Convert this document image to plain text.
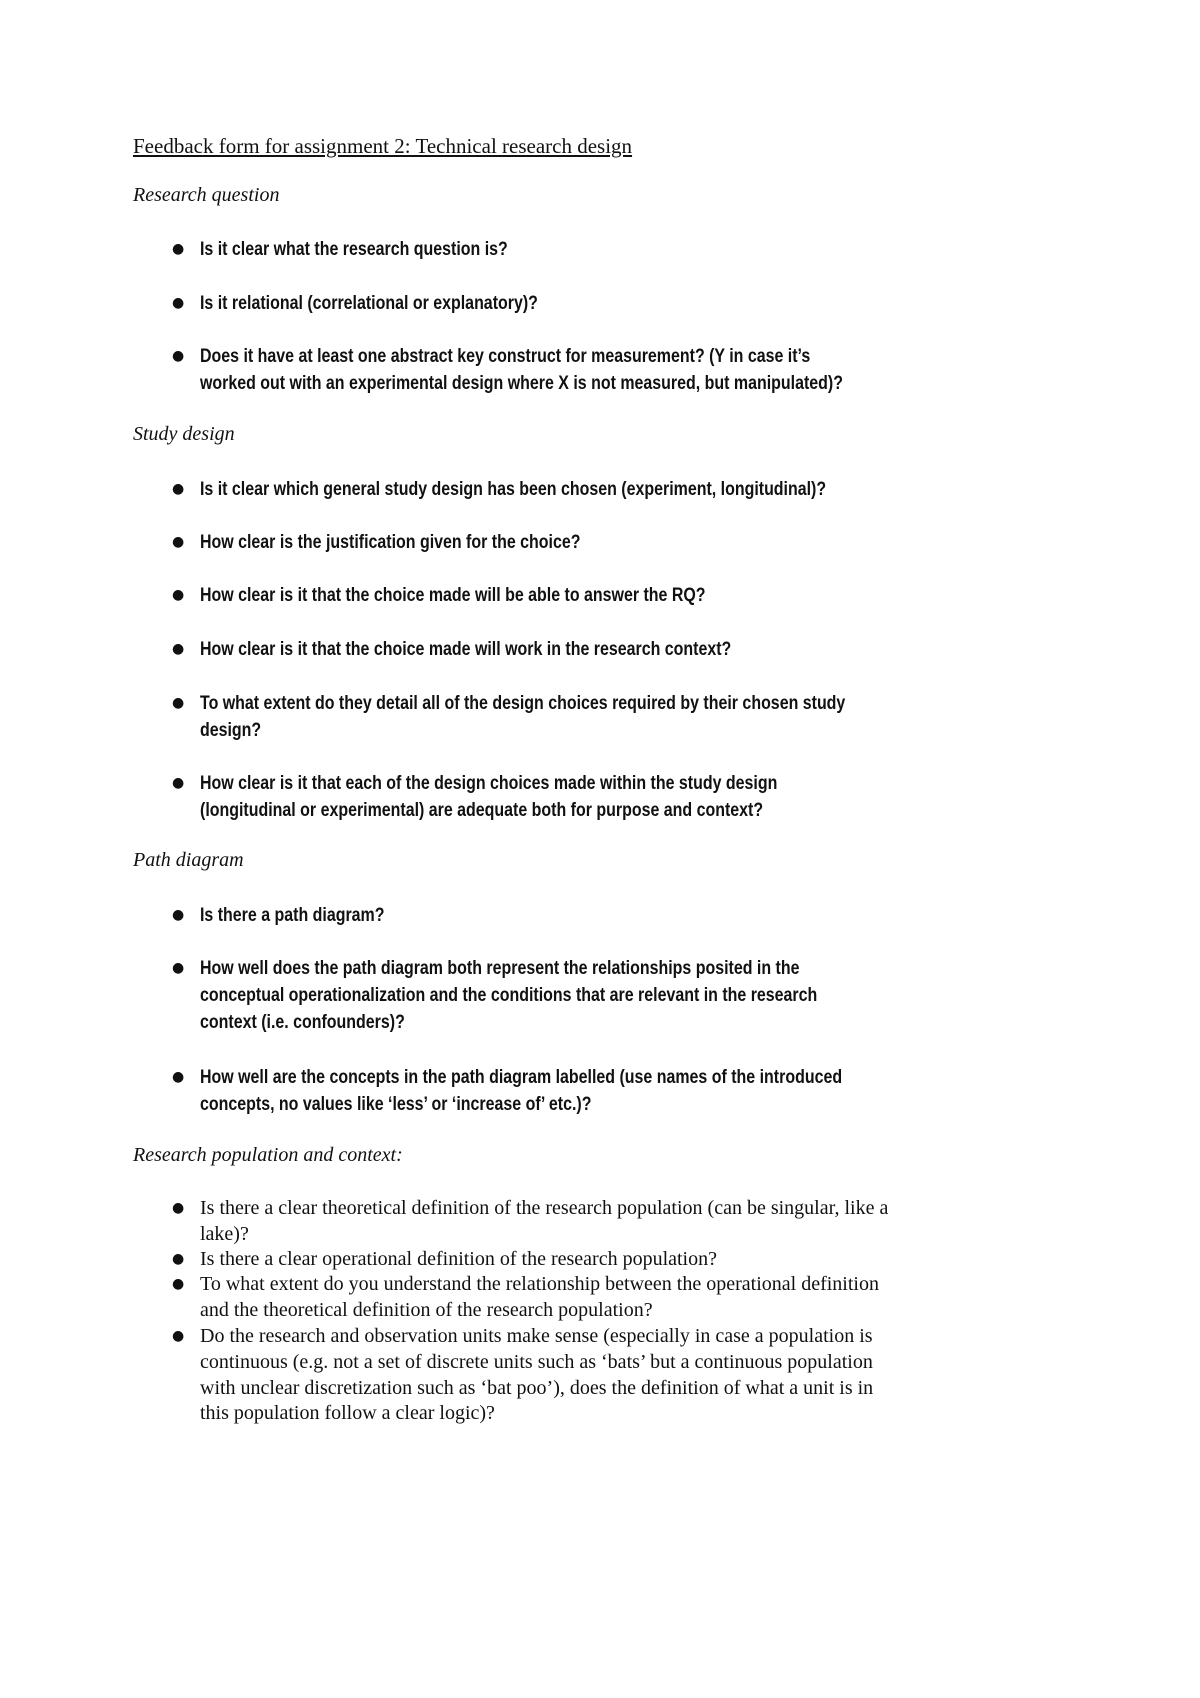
Feedback form for assignment 2: Technical research design
Research question
● Is it clear what the research question is?
● Is it relational (correlational or explanatory)?
● Does it have at least one abstract key construct for measurement? (Y in case it’s
worked out with an experimental design where X is not measured, but manipulated)?
Study design
● Is it clear which general study design has been chosen (experiment, longitudinal)?
● How clear is the justification given for the choice?
● How clear is it that the choice made will be able to answer the RQ?
● How clear is it that the choice made will work in the research context?
● To what extent do they detail all of the design choices required by their chosen study
design?
● How clear is it that each of the design choices made within the study design
(longitudinal or experimental) are adequate both for purpose and context?
Path diagram
● Is there a path diagram?
● How well does the path diagram both represent the relationships posited in the
conceptual operationalization and the conditions that are relevant in the research
context (i.e. confounders)?
● How well are the concepts in the path diagram labelled (use names of the introduced
concepts, no values like ‘less’ or ‘increase of’ etc.)?
Research population and context:
● Is there a clear theoretical definition of the research population (can be singular, like a
lake)?
● Is there a clear operational definition of the research population?
● To what extent do you understand the relationship between the operational definition
and the theoretical definition of the research population?
● Do the research and observation units make sense (especially in case a population is
continuous (e.g. not a set of discrete units such as ‘bats’ but a continuous population
with unclear discretization such as ‘bat poo’), does the definition of what a unit is in
this population follow a clear logic)?
